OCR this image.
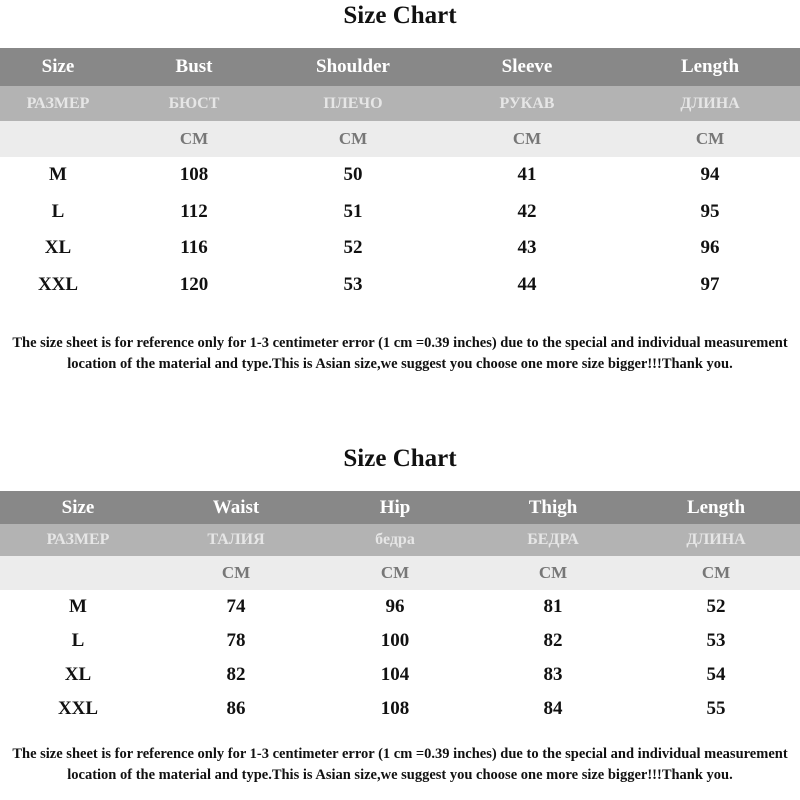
Size Chart
Size	Bust	Shoulder	Sleeve	Length
РАЗМЕР	БЮСТ	ПЛЕЧО	РУКАВ	ДЛИНА
	CM	CM	CM	CM
M	108	50	41	94
L	112	51	42	95
XL	116	52	43	96
XXL	120	53	44	97
The size sheet is for reference only for 1-3 centimeter error (1 cm =0.39 inches) due to the special and individual measurement location of the material and type.This is Asian size,we suggest you choose one more size bigger!!!Thank you.
Size Chart
Size	Waist	Hip	Thigh	Length
РАЗМЕР	ТАЛИЯ	бедра	БЕДРА	ДЛИНА
	CM	CM	CM	CM
M	74	96	81	52
L	78	100	82	53
XL	82	104	83	54
XXL	86	108	84	55
The size sheet is for reference only for 1-3 centimeter error (1 cm =0.39 inches) due to the special and individual measurement location of the material and type.This is Asian size,we suggest you choose one more size bigger!!!Thank you.
